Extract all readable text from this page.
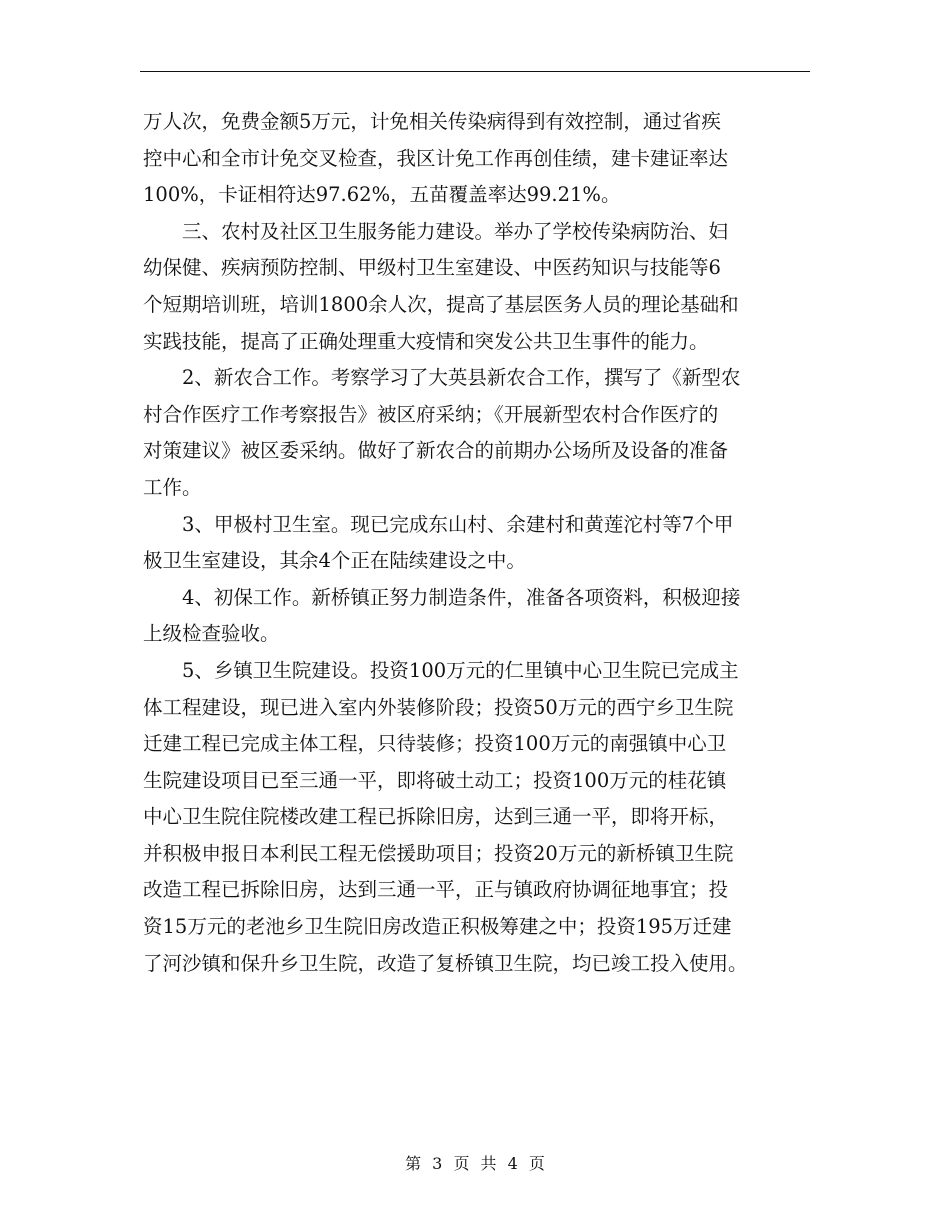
万人次，免费金额5万元，计免相关传染病得到有效控制，通过省疾
控中心和全市计免交叉检查，我区计免工作再创佳绩，建卡建证率达
100%，卡证相符达97.62%，五苗覆盖率达99.21%。
三、农村及社区卫生服务能力建设。举办了学校传染病防治、妇
幼保健、疾病预防控制、甲级村卫生室建设、中医药知识与技能等6
个短期培训班，培训1800余人次，提高了基层医务人员的理论基础和
实践技能，提高了正确处理重大疫情和突发公共卫生事件的能力。
2、新农合工作。考察学习了大英县新农合工作，撰写了《新型农
村合作医疗工作考察报告》被区府采纳；《开展新型农村合作医疗的
对策建议》被区委采纳。做好了新农合的前期办公场所及设备的准备
工作。
3、甲极村卫生室。现已完成东山村、余建村和黄莲沱村等7个甲
极卫生室建设，其余4个正在陆续建设之中。
4、初保工作。新桥镇正努力制造条件，准备各项资料，积极迎接
上级检查验收。
5、乡镇卫生院建设。投资100万元的仁里镇中心卫生院已完成主
体工程建设，现已进入室内外装修阶段；投资50万元的西宁乡卫生院
迁建工程已完成主体工程，只待装修；投资100万元的南强镇中心卫
生院建设项目已至三通一平，即将破土动工；投资100万元的桂花镇
中心卫生院住院楼改建工程已拆除旧房，达到三通一平，即将开标，
并积极申报日本利民工程无偿援助项目；投资20万元的新桥镇卫生院
改造工程已拆除旧房，达到三通一平，正与镇政府协调征地事宜；投
资15万元的老池乡卫生院旧房改造正积极筹建之中；投资195万迁建
了河沙镇和保升乡卫生院，改造了复桥镇卫生院，均已竣工投入使用。
第 3 页 共 4 页
